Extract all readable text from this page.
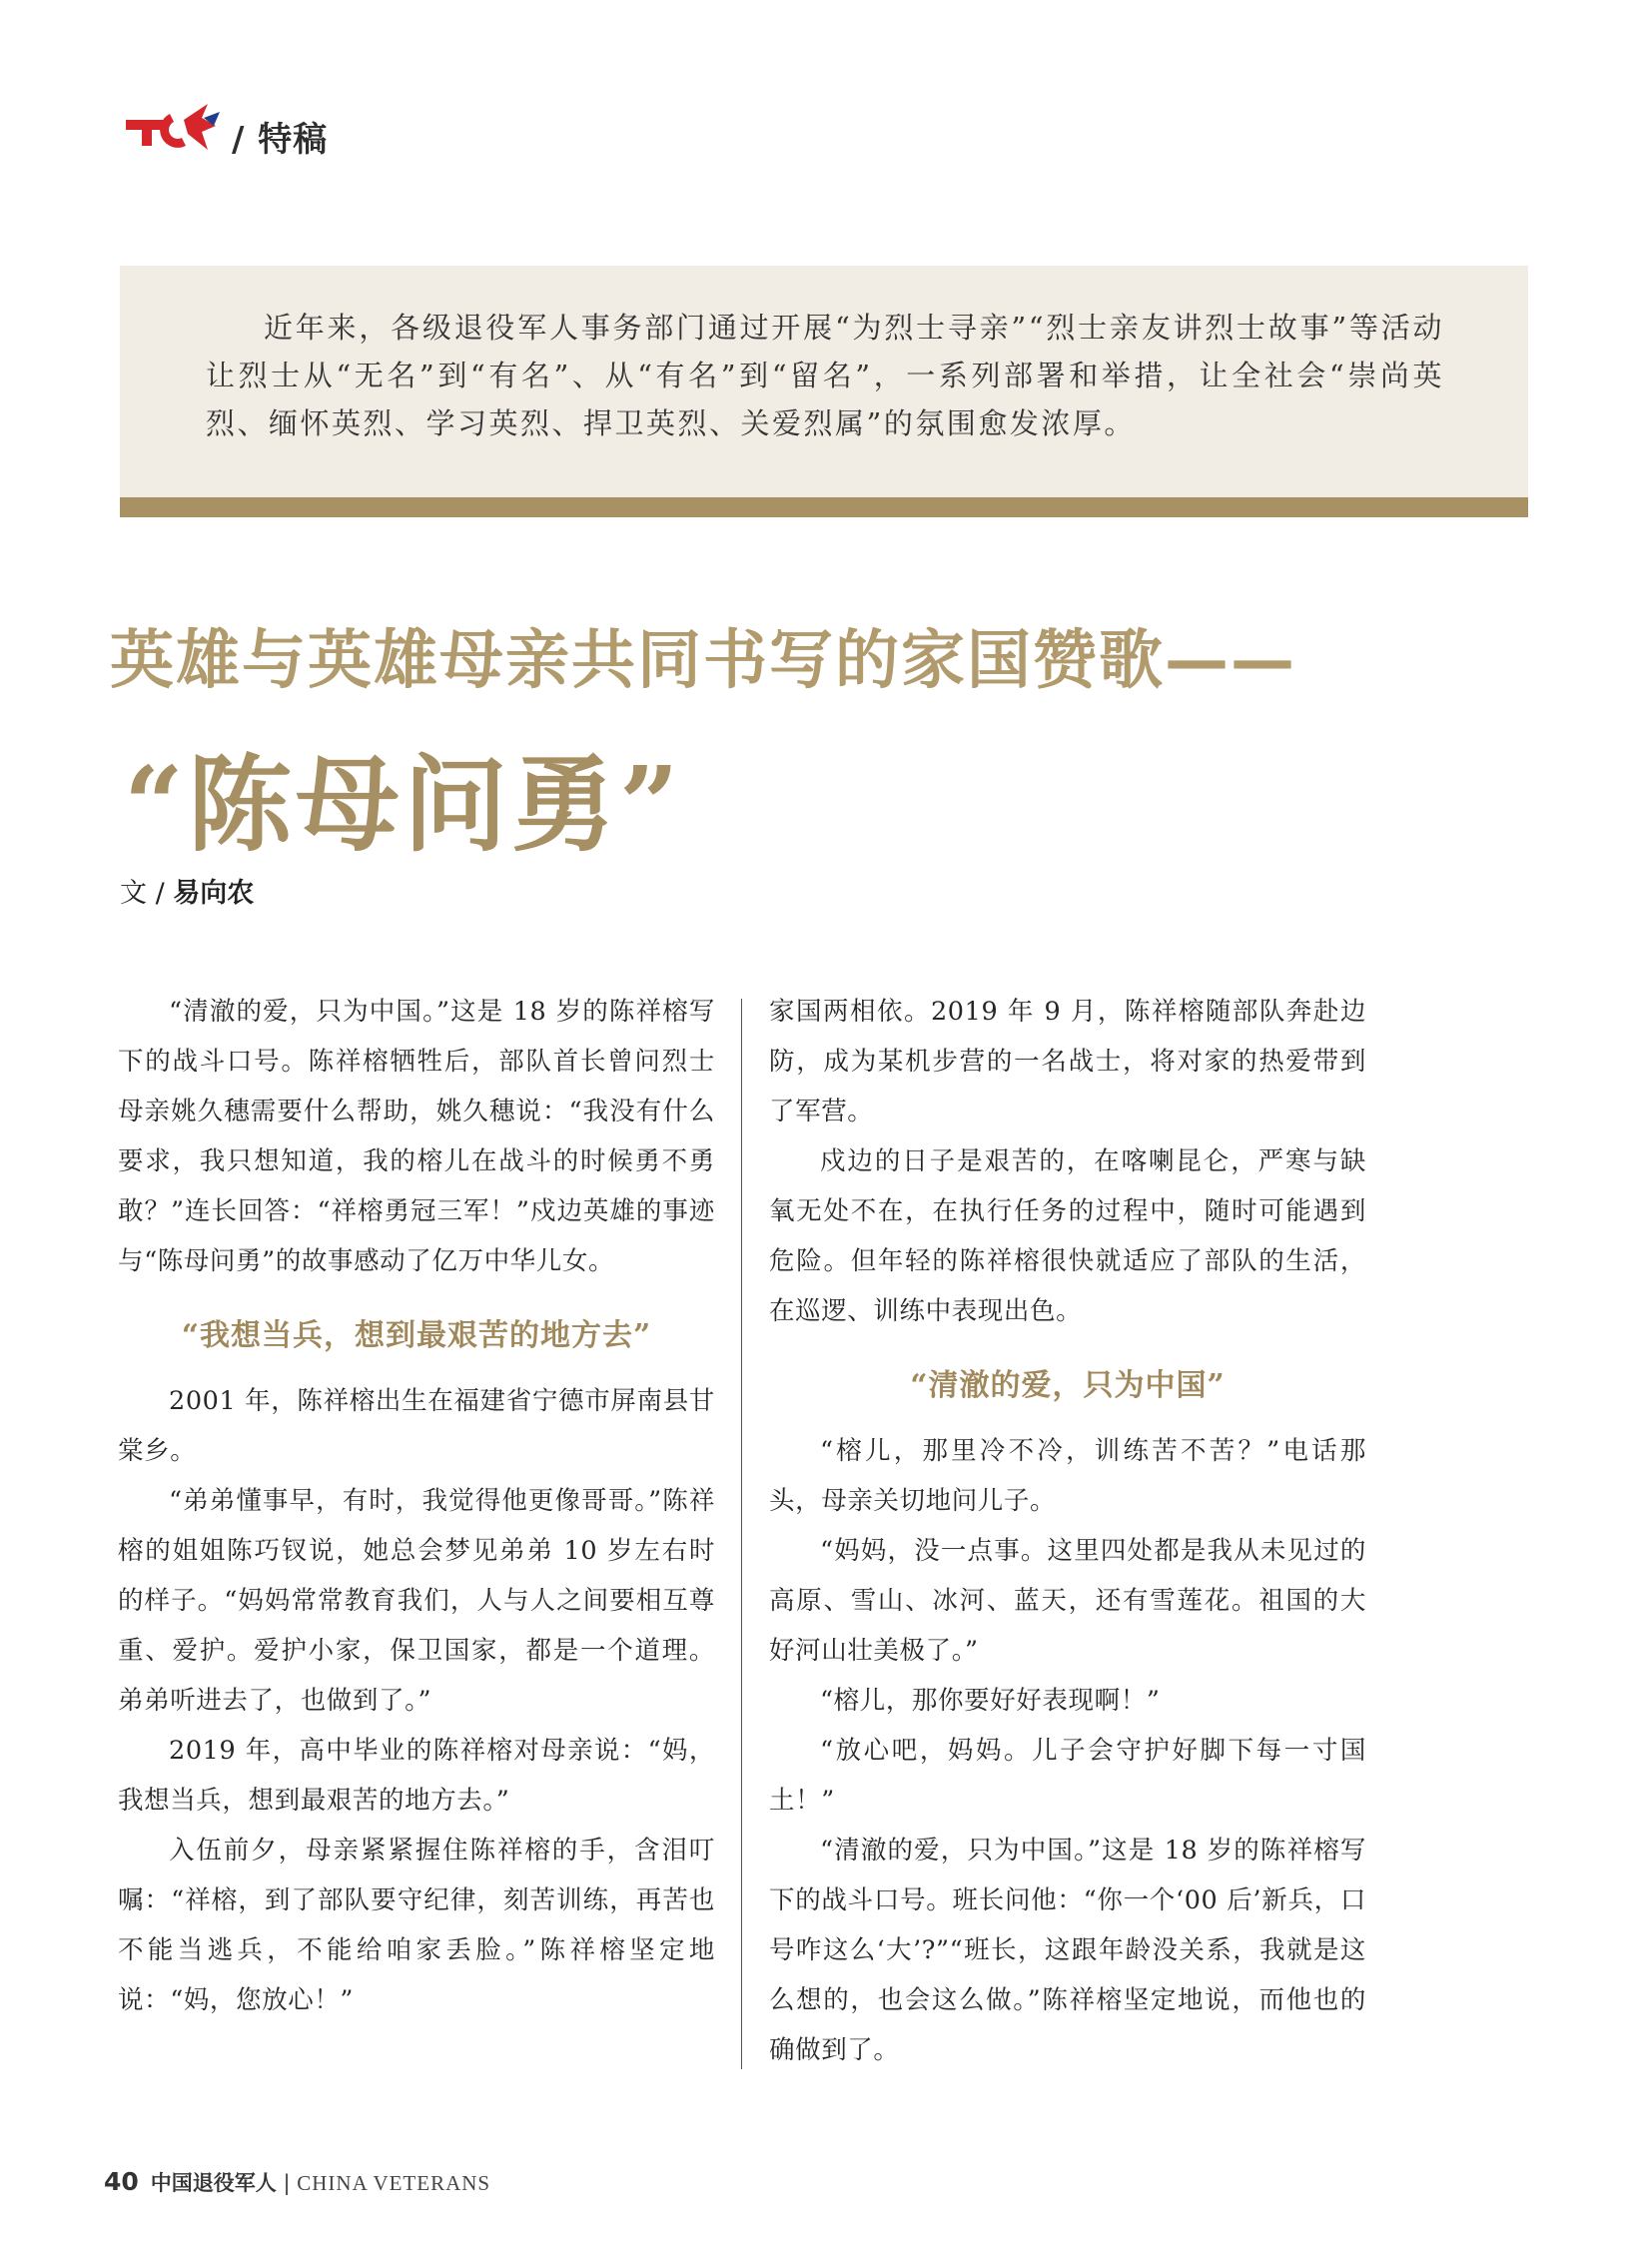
/ 特稿

近年来，各级退役军人事务部门通过开展“为烈士寻亲”“烈士亲友讲烈士故事”等活动让烈士从“无名”到“有名”、从“有名”到“留名”，一系列部署和举措，让全社会“崇尚英烈、缅怀英烈、学习英烈、捍卫英烈、关爱烈属”的氛围愈发浓厚。

英雄与英雄母亲共同书写的家国赞歌——
“陈母问勇”
文 / 易向农

“清澈的爱，只为中国。”这是 18 岁的陈祥榕写下的战斗口号。陈祥榕牺牲后，部队首长曾问烈士母亲姚久穗需要什么帮助，姚久穗说：“我没有什么要求，我只想知道，我的榕儿在战斗的时候勇不勇敢？”连长回答：“祥榕勇冠三军！”戍边英雄的事迹与“陈母问勇”的故事感动了亿万中华儿女。

“我想当兵，想到最艰苦的地方去”

2001 年，陈祥榕出生在福建省宁德市屏南县甘棠乡。

“弟弟懂事早，有时，我觉得他更像哥哥。”陈祥榕的姐姐陈巧钗说，她总会梦见弟弟 10 岁左右时的样子。“妈妈常常教育我们，人与人之间要相互尊重、爱护。爱护小家，保卫国家，都是一个道理。弟弟听进去了，也做到了。”

2019 年，高中毕业的陈祥榕对母亲说：“妈，我想当兵，想到最艰苦的地方去。”

入伍前夕，母亲紧紧握住陈祥榕的手，含泪叮嘱：“祥榕，到了部队要守纪律，刻苦训练，再苦也不能当逃兵，不能给咱家丢脸。”陈祥榕坚定地说：“妈，您放心！”

家国两相依。2019 年 9 月，陈祥榕随部队奔赴边防，成为某机步营的一名战士，将对家的热爱带到了军营。

戍边的日子是艰苦的，在喀喇昆仑，严寒与缺氧无处不在，在执行任务的过程中，随时可能遇到危险。但年轻的陈祥榕很快就适应了部队的生活，在巡逻、训练中表现出色。

“清澈的爱，只为中国”

“榕儿，那里冷不冷，训练苦不苦？”电话那头，母亲关切地问儿子。

“妈妈，没一点事。这里四处都是我从未见过的高原、雪山、冰河、蓝天，还有雪莲花。祖国的大好河山壮美极了。”

“榕儿，那你要好好表现啊！”

“放心吧，妈妈。儿子会守护好脚下每一寸国土！”

“清澈的爱，只为中国。”这是 18 岁的陈祥榕写下的战斗口号。班长问他：“你一个‘00 后’新兵，口号咋这么‘大’?”“班长，这跟年龄没关系，我就是这么想的，也会这么做。”陈祥榕坚定地说，而他也的确做到了。

40 中国退役军人 | CHINA VETERANS
